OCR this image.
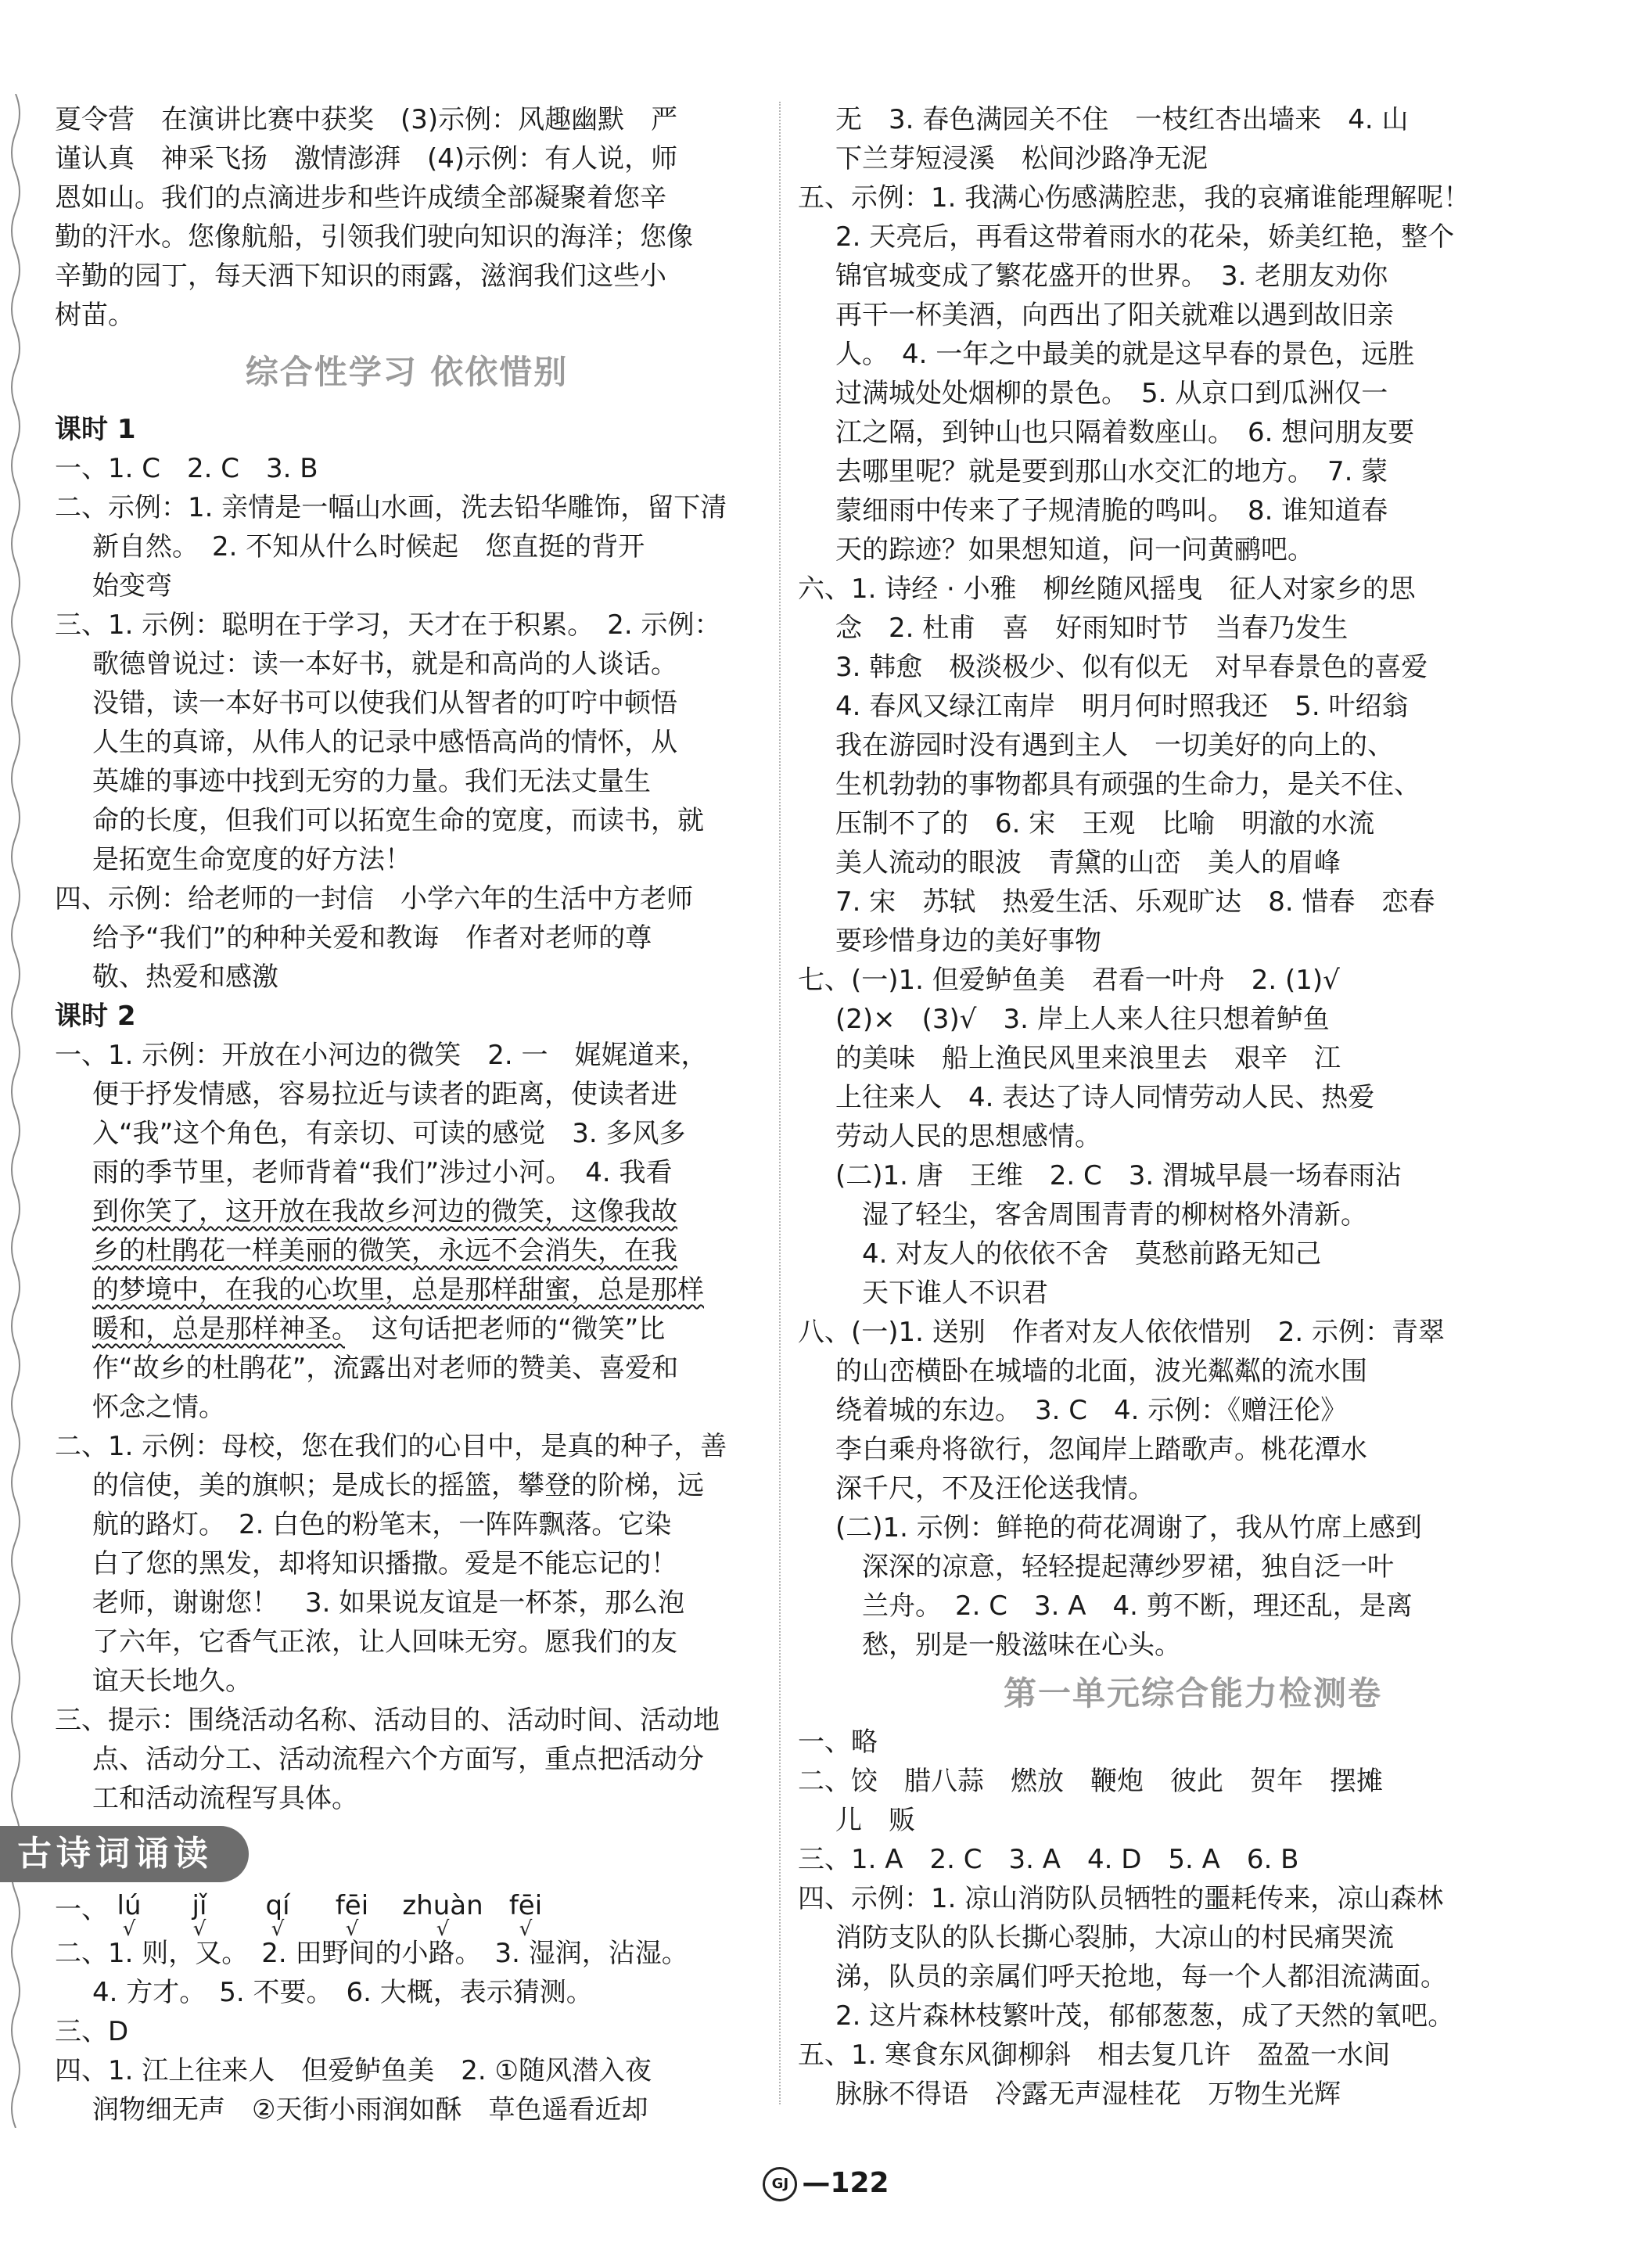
夏令营　在演讲比赛中获奖　(3)示例：风趣幽默　严
谨认真　神采飞扬　激情澎湃　(4)示例：有人说，师
恩如山。我们的点滴进步和些许成绩全部凝聚着您辛
勤的汗水。您像航船，引领我们驶向知识的海洋；您像
辛勤的园丁，每天洒下知识的雨露，滋润我们这些小
树苗。
综合性学习 依依惜别
课时 1
一、1. C　2. C　3. B
二、示例：1. 亲情是一幅山水画，洗去铅华雕饰，留下清
新自然。　2. 不知从什么时候起　您直挺的背开
始变弯
三、1. 示例：聪明在于学习，天才在于积累。　2. 示例：
歌德曾说过：读一本好书，就是和高尚的人谈话。
没错，读一本好书可以使我们从智者的叮咛中顿悟
人生的真谛，从伟人的记录中感悟高尚的情怀，从
英雄的事迹中找到无穷的力量。我们无法丈量生
命的长度，但我们可以拓宽生命的宽度，而读书，就
是拓宽生命宽度的好方法！
四、示例：给老师的一封信　小学六年的生活中方老师
给予“我们”的种种关爱和教诲　作者对老师的尊
敬、热爱和感激
课时 2
一、1. 示例：开放在小河边的微笑　2. 一　娓娓道来，
便于抒发情感，容易拉近与读者的距离，使读者进
入“我”这个角色，有亲切、可读的感觉　3. 多风多
雨的季节里，老师背着“我们”涉过小河。　4. 我看
到你笑了，这开放在我故乡河边的微笑，这像我故
乡的杜鹃花一样美丽的微笑，永远不会消失，在我
的梦境中，在我的心坎里，总是那样甜蜜，总是那样
暖和，总是那样神圣。　这句话把老师的“微笑”比
作“故乡的杜鹃花”，流露出对老师的赞美、喜爱和
怀念之情。
二、1. 示例：母校，您在我们的心目中，是真的种子，善
的信使，美的旗帜；是成长的摇篮，攀登的阶梯，远
航的路灯。　2. 白色的粉笔末，一阵阵飘落。它染
白了您的黑发，却将知识播撒。爱是不能忘记的！
老师，谢谢您！　3. 如果说友谊是一杯茶，那么泡
了六年，它香气正浓，让人回味无穷。愿我们的友
谊天长地久。
三、提示：围绕活动名称、活动目的、活动时间、活动地
点、活动分工、活动流程六个方面写，重点把活动分
工和活动流程写具体。
古诗词诵读
一、 lú
√
jǐ
√
qí
√
fēi
√
zhuàn
√
fēi
√
二、1. 则，又。　2. 田野间的小路。　3. 湿润，沾湿。
4. 方才。　5. 不要。　6. 大概，表示猜测。
三、D
四、1. 江上往来人　但爱鲈鱼美　2. ①随风潜入夜
润物细无声　②天街小雨润如酥　草色遥看近却
无　3. 春色满园关不住　一枝红杏出墙来　4. 山
下兰芽短浸溪　松间沙路净无泥
五、示例：1. 我满心伤感满腔悲，我的哀痛谁能理解呢！
2. 天亮后，再看这带着雨水的花朵，娇美红艳，整个
锦官城变成了繁花盛开的世界。　3. 老朋友劝你
再干一杯美酒，向西出了阳关就难以遇到故旧亲
人。　4. 一年之中最美的就是这早春的景色，远胜
过满城处处烟柳的景色。　5. 从京口到瓜洲仅一
江之隔，到钟山也只隔着数座山。　6. 想问朋友要
去哪里呢？就是要到那山水交汇的地方。　7. 蒙
蒙细雨中传来了子规清脆的鸣叫。　8. 谁知道春
天的踪迹？如果想知道，问一问黄鹂吧。
六、1. 诗经 · 小雅　柳丝随风摇曳　征人对家乡的思
念　2. 杜甫　喜　好雨知时节　当春乃发生
3. 韩愈　极淡极少、似有似无　对早春景色的喜爱
4. 春风又绿江南岸　明月何时照我还　5. 叶绍翁
我在游园时没有遇到主人　一切美好的向上的、
生机勃勃的事物都具有顽强的生命力，是关不住、
压制不了的　6. 宋　王观　比喻　明澈的水流
美人流动的眼波　青黛的山峦　美人的眉峰
7. 宋　苏轼　热爱生活、乐观旷达　8. 惜春　恋春
要珍惜身边的美好事物
七、(一)1. 但爱鲈鱼美　君看一叶舟　2. (1)√
(2)×　(3)√　3. 岸上人来人往只想着鲈鱼
的美味　船上渔民风里来浪里去　艰辛　江
上往来人　4. 表达了诗人同情劳动人民、热爱
劳动人民的思想感情。
(二)1. 唐　王维　2. C　3. 渭城早晨一场春雨沾
湿了轻尘，客舍周围青青的柳树格外清新。
4. 对友人的依依不舍　莫愁前路无知己
天下谁人不识君
八、(一)1. 送别　作者对友人依依惜别　2. 示例：青翠
的山峦横卧在城墙的北面，波光粼粼的流水围
绕着城的东边。　3. C　4. 示例：《赠汪伦》
李白乘舟将欲行，忽闻岸上踏歌声。桃花潭水
深千尺，不及汪伦送我情。
(二)1. 示例：鲜艳的荷花凋谢了，我从竹席上感到
深深的凉意，轻轻提起薄纱罗裙，独自泛一叶
兰舟。　2. C　3. A　4. 剪不断，理还乱，是离
愁，别是一般滋味在心头。
第一单元综合能力检测卷
一、略
二、饺　腊八蒜　燃放　鞭炮　彼此　贺年　摆摊
儿　贩
三、1. A　2. C　3. A　4. D　5. A　6. B
四、示例：1. 凉山消防队员牺牲的噩耗传来，凉山森林
消防支队的队长撕心裂肺，大凉山的村民痛哭流
涕，队员的亲属们呼天抢地，每一个人都泪流满面。
2. 这片森林枝繁叶茂，郁郁葱葱，成了天然的氧吧。
五、1. 寒食东风御柳斜　相去复几许　盈盈一水间
脉脉不得语　冷露无声湿桂花　万物生光辉
GJ —122
